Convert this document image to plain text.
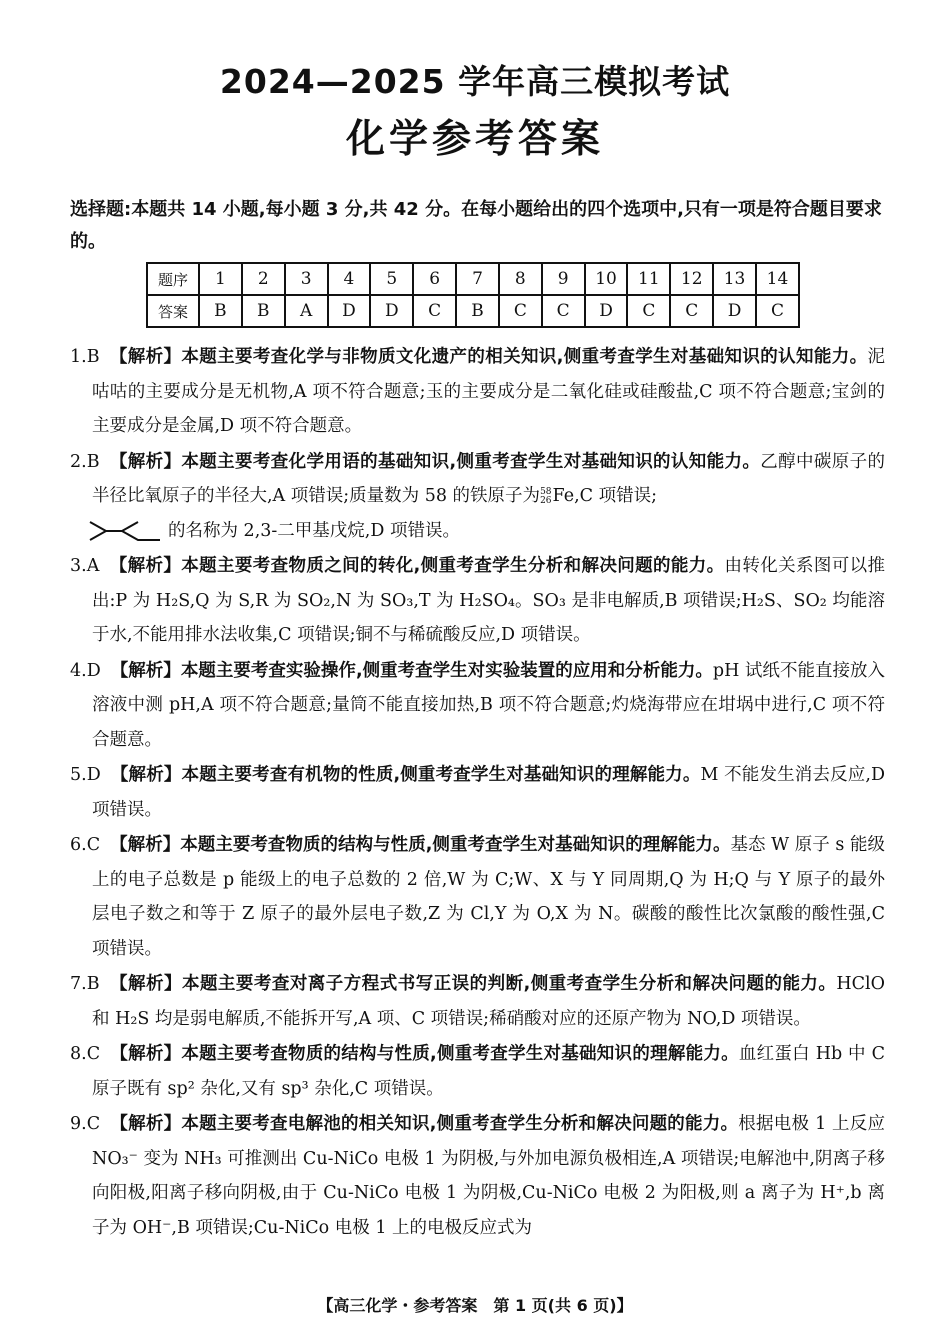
2024—2025 学年高三模拟考试
化学参考答案
选择题:本题共 14 小题,每小题 3 分,共 42 分。在每小题给出的四个选项中,只有一项是符合题目要求的。
题序	1	2	3	4	5	6	7	8	9	10	11	12	13	14
答案	B	B	A	D	D	C	B	C	C	D	C	C	D	C
1.B 【解析】本题主要考查化学与非物质文化遗产的相关知识,侧重考查学生对基础知识的认知能力。泥咕咕的主要成分是无机物,A 项不符合题意;玉的主要成分是二氧化硅或硅酸盐,C 项不符合题意;宝剑的主要成分是金属,D 项不符合题意。
2.B 【解析】本题主要考查化学用语的基础知识,侧重考查学生对基础知识的认知能力。乙醇中碳原子的半径比氧原子的半径大,A 项错误;质量数为 58 的铁原子为 58
26 Fe,C 项错误;
的名称为 2,3-二甲基戊烷,D 项错误。
3.A 【解析】本题主要考查物质之间的转化,侧重考查学生分析和解决问题的能力。由转化关系图可以推出:P 为 H₂S,Q 为 S,R 为 SO₂,N 为 SO₃,T 为 H₂SO₄。SO₃ 是非电解质,B 项错误;H₂S、SO₂ 均能溶于水,不能用排水法收集,C 项错误;铜不与稀硫酸反应,D 项错误。
4.D 【解析】本题主要考查实验操作,侧重考查学生对实验装置的应用和分析能力。pH 试纸不能直接放入溶液中测 pH,A 项不符合题意;量筒不能直接加热,B 项不符合题意;灼烧海带应在坩埚中进行,C 项不符合题意。
5.D 【解析】本题主要考查有机物的性质,侧重考查学生对基础知识的理解能力。M 不能发生消去反应,D 项错误。
6.C 【解析】本题主要考查物质的结构与性质,侧重考查学生对基础知识的理解能力。基态 W 原子 s 能级上的电子总数是 p 能级上的电子总数的 2 倍,W 为 C;W、X 与 Y 同周期,Q 为 H;Q 与 Y 原子的最外层电子数之和等于 Z 原子的最外层电子数,Z 为 Cl,Y 为 O,X 为 N。碳酸的酸性比次氯酸的酸性强,C 项错误。
7.B 【解析】本题主要考查对离子方程式书写正误的判断,侧重考查学生分析和解决问题的能力。HClO 和 H₂S 均是弱电解质,不能拆开写,A 项、C 项错误;稀硝酸对应的还原产物为 NO,D 项错误。
8.C 【解析】本题主要考查物质的结构与性质,侧重考查学生对基础知识的理解能力。血红蛋白 Hb 中 C 原子既有 sp² 杂化,又有 sp³ 杂化,C 项错误。
9.C 【解析】本题主要考查电解池的相关知识,侧重考查学生分析和解决问题的能力。根据电极 1 上反应 NO₃⁻ 变为 NH₃ 可推测出 Cu-NiCo 电极 1 为阴极,与外加电源负极相连,A 项错误;电解池中,阴离子移向阳极,阳离子移向阴极,由于 Cu-NiCo 电极 1 为阴极,Cu-NiCo 电极 2 为阳极,则 a 离子为 H⁺,b 离子为 OH⁻,B 项错误;Cu-NiCo 电极 1 上的电极反应式为
【高三化学・参考答案　第 1 页(共 6 页)】
